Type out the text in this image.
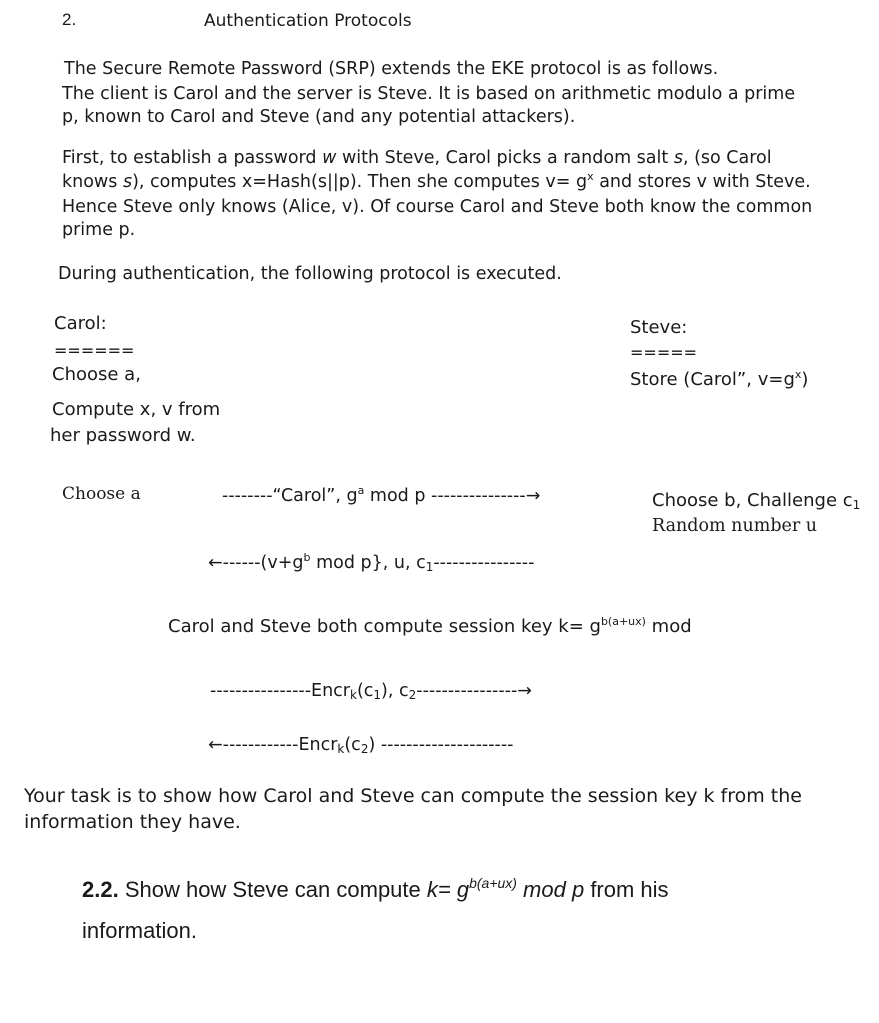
2.	Authentication Protocols
The Secure Remote Password (SRP) extends the EKE protocol is as follows.
The client is Carol and the server is Steve. It is based on arithmetic modulo a prime
p, known to Carol and Steve (and any potential attackers).
First, to establish a password w with Steve, Carol picks a random salt s, (so Carol
knows s), computes x=Hash(s||p). Then she computes $v= g^x$ and stores v with Steve.
Hence Steve only knows (Alice, v). Of course Carol and Steve both know the common
prime p.
During authentication, the following protocol is executed.
Carol:
======
Choose a,
Compute x, v from
her password w.
Choose a
Steve:
=====
Store (Carol”, $v=g^x$)
Choose b, Challenge $c_1$
Random number u
--------“Carol”, $g^a$ mod p ---------------→
$\leftarrow------(v+g^b$ mod p}, u, $c_1----------------$
Carol and Steve both compute session key $k= g^{b(a+ux)}$ mod
$----------------Encr_k(c_1)$, $c_2----------------\to$
$\leftarrow------------Encr_k(c_2)$ ---------------------
Your task is to show how Carol and Steve can compute the session key k from the
information they have.
2.2. Show how Steve can compute $k= g^{b(a+ux)}$ mod p from his
information.
